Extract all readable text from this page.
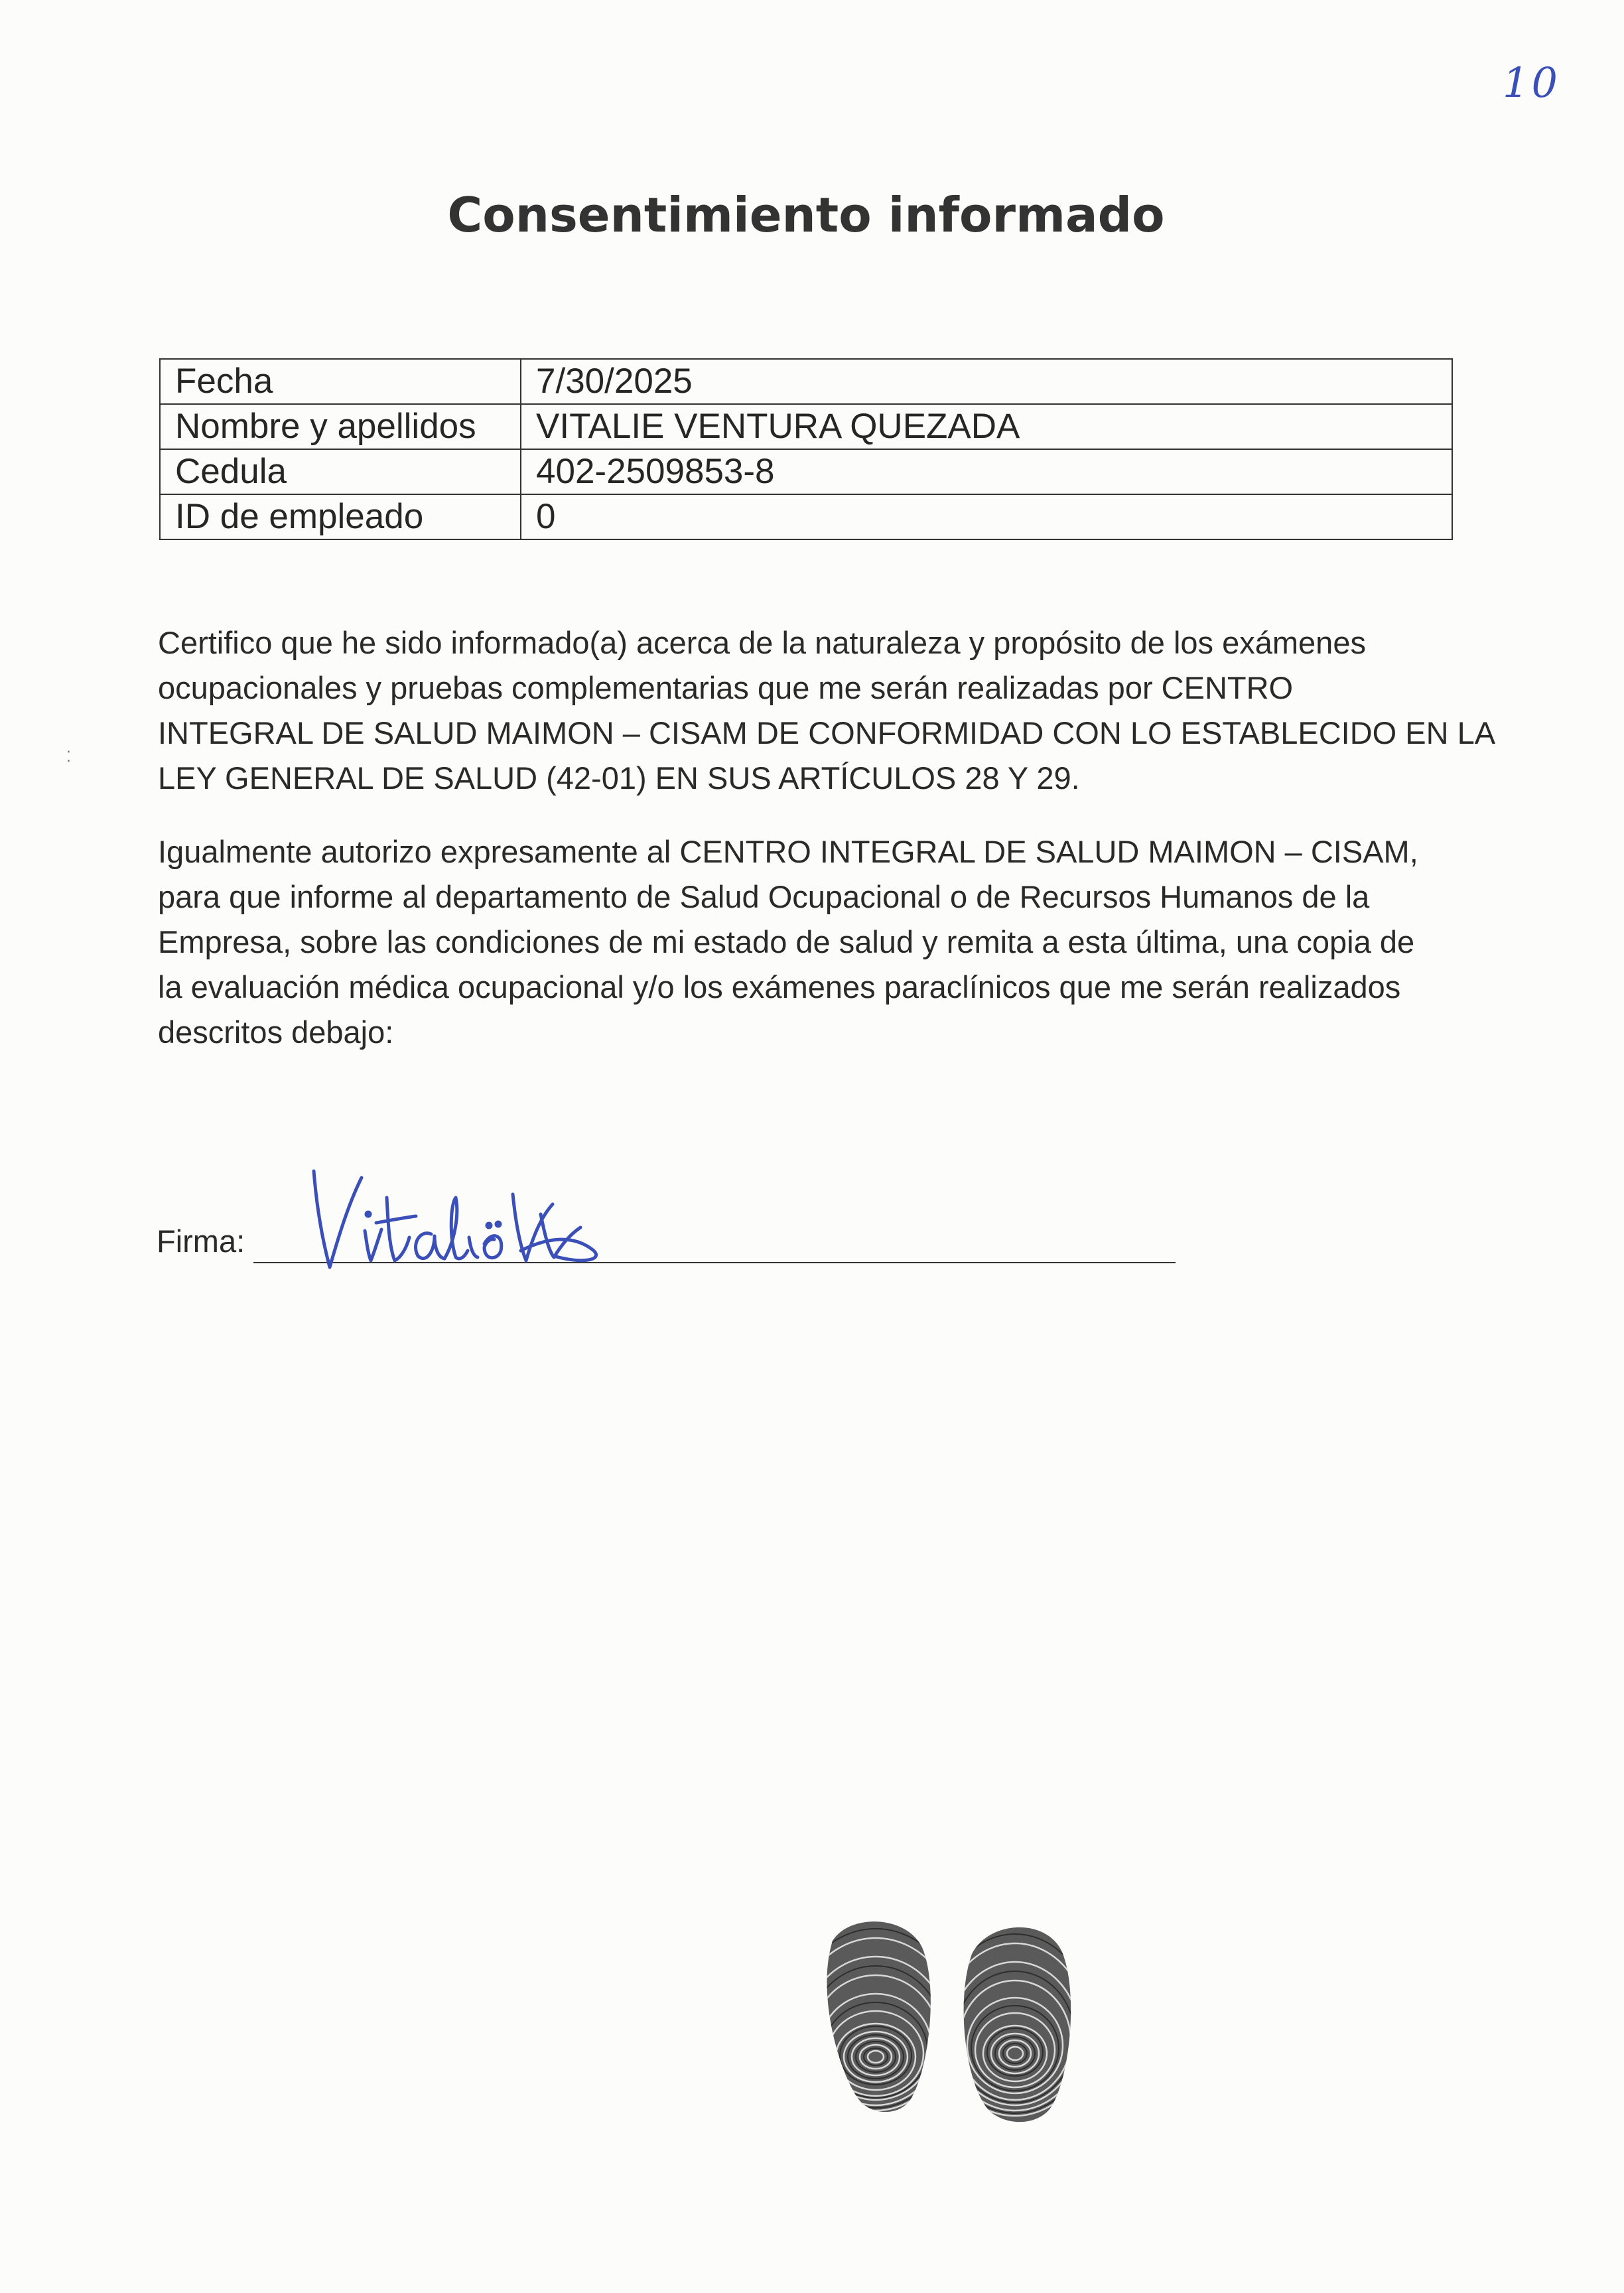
10
Consentimiento informado
Fecha	7/30/2025
Nombre y apellidos	VITALIE VENTURA QUEZADA
Cedula	402-2509853-8
ID de empleado	0
Certifico que he sido informado(a) acerca de la naturaleza y propósito de los exámenes
ocupacionales y pruebas complementarias que me serán realizadas por CENTRO
INTEGRAL DE SALUD MAIMON – CISAM DE CONFORMIDAD CON LO ESTABLECIDO EN LA
LEY GENERAL DE SALUD (42-01) EN SUS ARTÍCULOS 28 Y 29.
⁚
Igualmente autorizo expresamente al CENTRO INTEGRAL DE SALUD MAIMON – CISAM,
para que informe al departamento de Salud Ocupacional o de Recursos Humanos de la
Empresa, sobre las condiciones de mi estado de salud y remita a esta última, una copia de
la evaluación médica ocupacional y/o los exámenes paraclínicos que me serán realizados
descritos debajo:
Firma:
